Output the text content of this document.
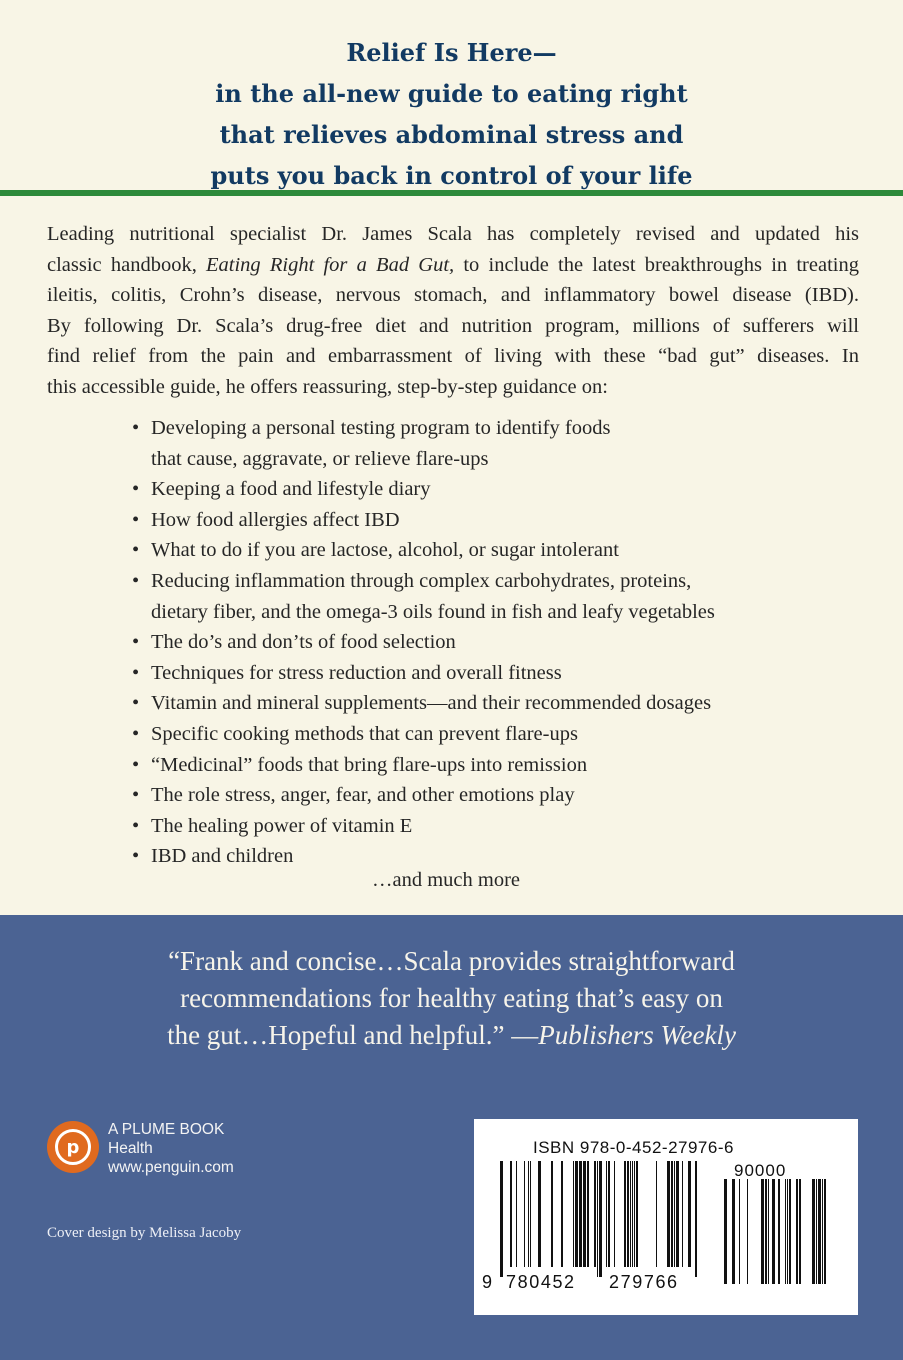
Relief Is Here—
in the all-new guide to eating right
that relieves abdominal stress and
puts you back in control of your life
Leading nutritional specialist Dr. James Scala has completely revised and updated his
classic handbook, Eating Right for a Bad Gut, to include the latest breakthroughs in treating
ileitis, colitis, Crohn’s disease, nervous stomach, and inflammatory bowel disease (IBD).
By following Dr. Scala’s drug-free diet and nutrition program, millions of sufferers will
find relief from the pain and embarrassment of living with these “bad gut” diseases. In
this accessible guide, he offers reassuring, step-by-step guidance on:
• Developing a personal testing program to identify foods
that cause, aggravate, or relieve flare-ups
• Keeping a food and lifestyle diary
• How food allergies affect IBD
• What to do if you are lactose, alcohol, or sugar intolerant
• Reducing inflammation through complex carbohydrates, proteins,
dietary fiber, and the omega-3 oils found in fish and leafy vegetables
• The do’s and don’ts of food selection
• Techniques for stress reduction and overall fitness
• Vitamin and mineral supplements—and their recommended dosages
• Specific cooking methods that can prevent flare-ups
• “Medicinal” foods that bring flare-ups into remission
• The role stress, anger, fear, and other emotions play
• The healing power of vitamin E
• IBD and children
…and much more
“Frank and concise…Scala provides straightforward
recommendations for healthy eating that’s easy on
the gut…Hopeful and helpful.” —Publishers Weekly
p
A PLUME BOOK
Health
www.penguin.com
Cover design by Melissa Jacoby
ISBN 978-0-452-27976-6
90000
9 780452 279766
